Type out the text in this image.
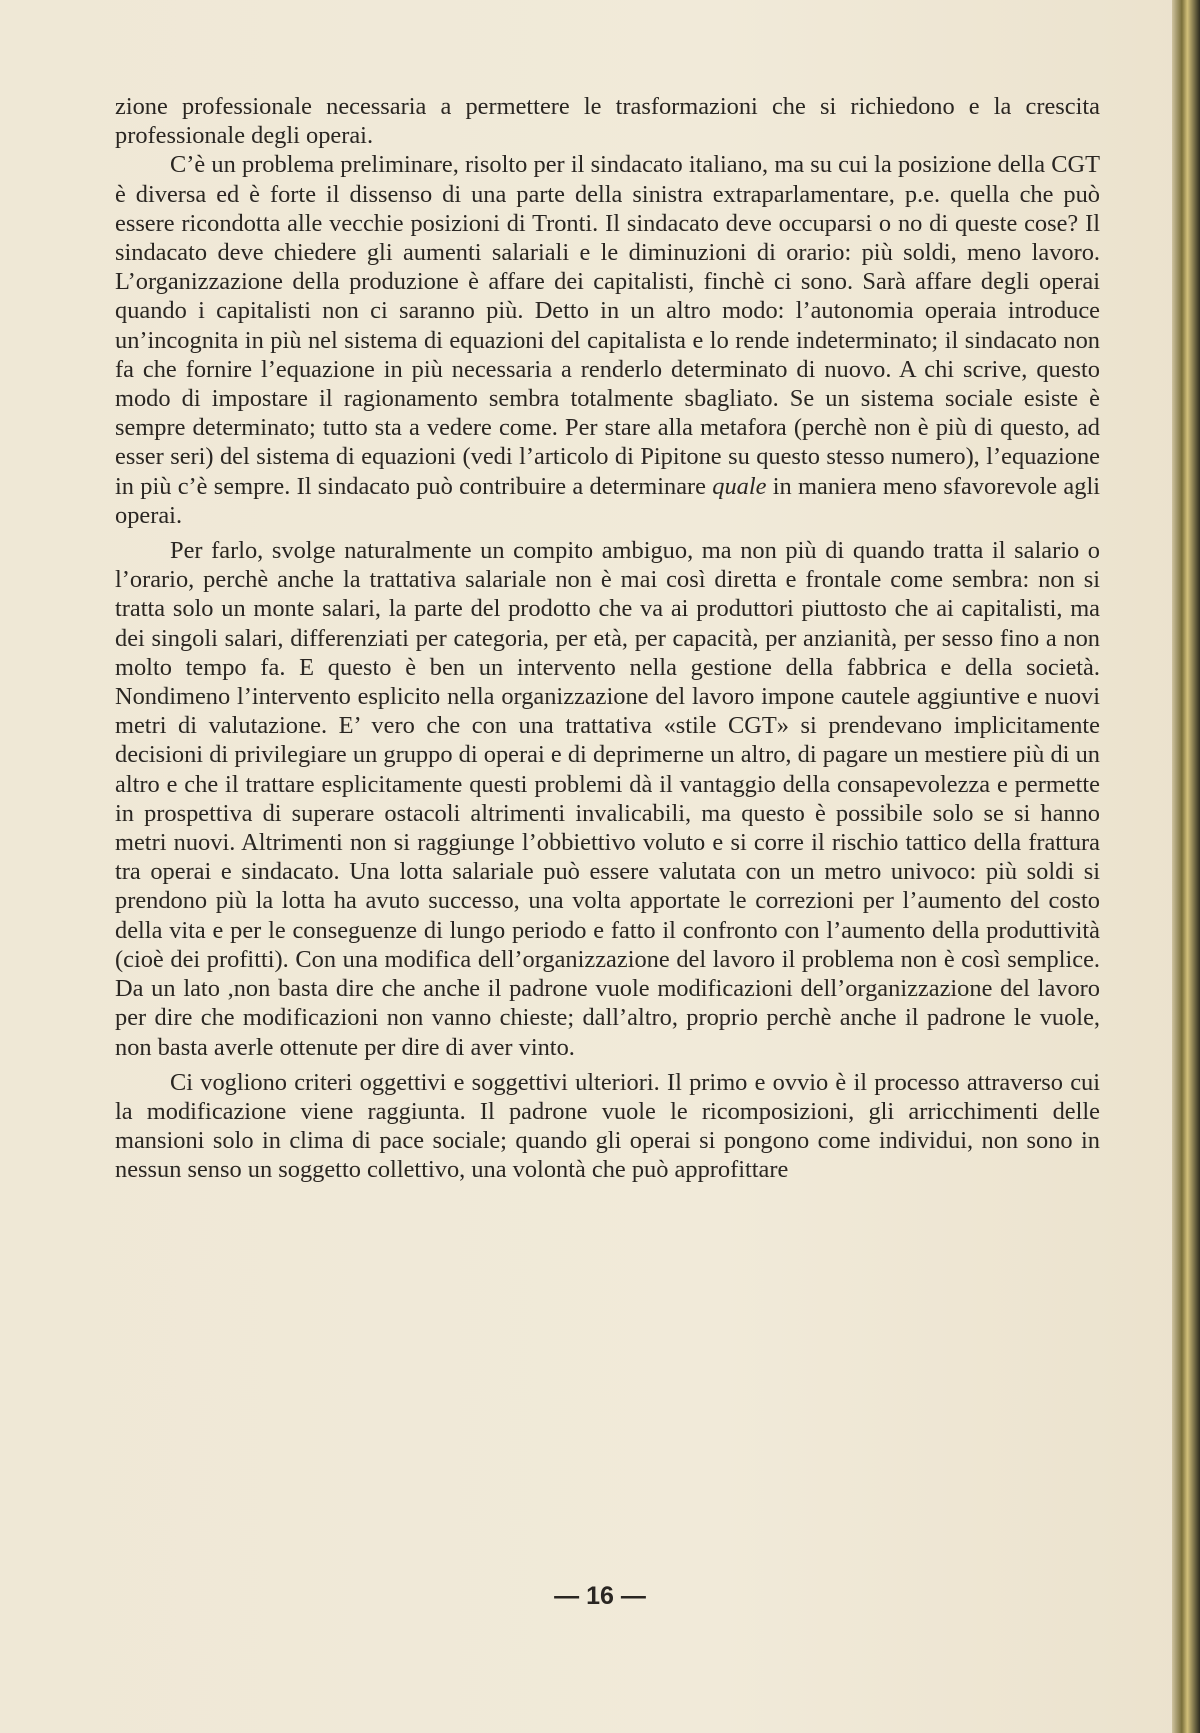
zione professionale necessaria a permettere le trasformazioni che si richiedono e la crescita professionale degli operai.

C’è un problema preliminare, risolto per il sindacato italiano, ma su cui la posizione della CGT è diversa ed è forte il dissenso di una parte della sinistra extraparlamentare, p.e. quella che può essere ricondotta alle vecchie posizioni di Tronti. Il sindacato deve occuparsi o no di queste cose? Il sindacato deve chiedere gli aumenti salariali e le diminuzioni di orario: più soldi, meno lavoro. L’organizzazione della produzione è affare dei capitalisti, finchè ci sono. Sarà affare degli operai quando i capitalisti non ci saranno più. Detto in un altro modo: l’autonomia operaia introduce un’incognita in più nel sistema di equazioni del capitalista e lo rende indeterminato; il sindacato non fa che fornire l’equazione in più necessaria a renderlo determinato di nuovo. A chi scrive, questo modo di impostare il ragionamento sembra totalmente sbagliato. Se un sistema sociale esiste è sempre determinato; tutto sta a vedere come. Per stare alla metafora (perchè non è più di questo, ad esser seri) del sistema di equazioni (vedi l’articolo di Pipitone su questo stesso numero), l’equazione in più c’è sempre. Il sindacato può contribuire a determinare quale in maniera meno sfavorevole agli operai.

Per farlo, svolge naturalmente un compito ambiguo, ma non più di quando tratta il salario o l’orario, perchè anche la trattativa salariale non è mai così diretta e frontale come sembra: non si tratta solo un monte salari, la parte del prodotto che va ai produttori piuttosto che ai capitalisti, ma dei singoli salari, differenziati per categoria, per età, per capacità, per anzianità, per sesso fino a non molto tempo fa. E questo è ben un intervento nella gestione della fabbrica e della società. Nondimeno l’intervento esplicito nella organizzazione del lavoro impone cautele aggiuntive e nuovi metri di valutazione. E’ vero che con una trattativa «stile CGT» si prendevano implicitamente decisioni di privilegiare un gruppo di operai e di deprimerne un altro, di pagare un mestiere più di un altro e che il trattare esplicitamente questi problemi dà il vantaggio della consapevolezza e permette in prospettiva di superare ostacoli altrimenti invalicabili, ma questo è possibile solo se si hanno metri nuovi. Altrimenti non si raggiunge l’obbiettivo voluto e si corre il rischio tattico della frattura tra operai e sindacato. Una lotta salariale può essere valutata con un metro univoco: più soldi si prendono più la lotta ha avuto successo, una volta apportate le correzioni per l’aumento del costo della vita e per le conseguenze di lungo periodo e fatto il confronto con l’aumento della produttività (cioè dei profitti). Con una modifica dell’organizzazione del lavoro il problema non è così semplice. Da un lato ,non basta dire che anche il padrone vuole modificazioni dell’organizzazione del lavoro per dire che modificazioni non vanno chieste; dall’altro, proprio perchè anche il padrone le vuole, non basta averle ottenute per dire di aver vinto.

Ci vogliono criteri oggettivi e soggettivi ulteriori. Il primo e ovvio è il processo attraverso cui la modificazione viene raggiunta. Il padrone vuole le ricomposizioni, gli arricchimenti delle mansioni solo in clima di pace sociale; quando gli operai si pongono come individui, non sono in nessun senso un soggetto collettivo, una volontà che può approfittare

— 16 —
